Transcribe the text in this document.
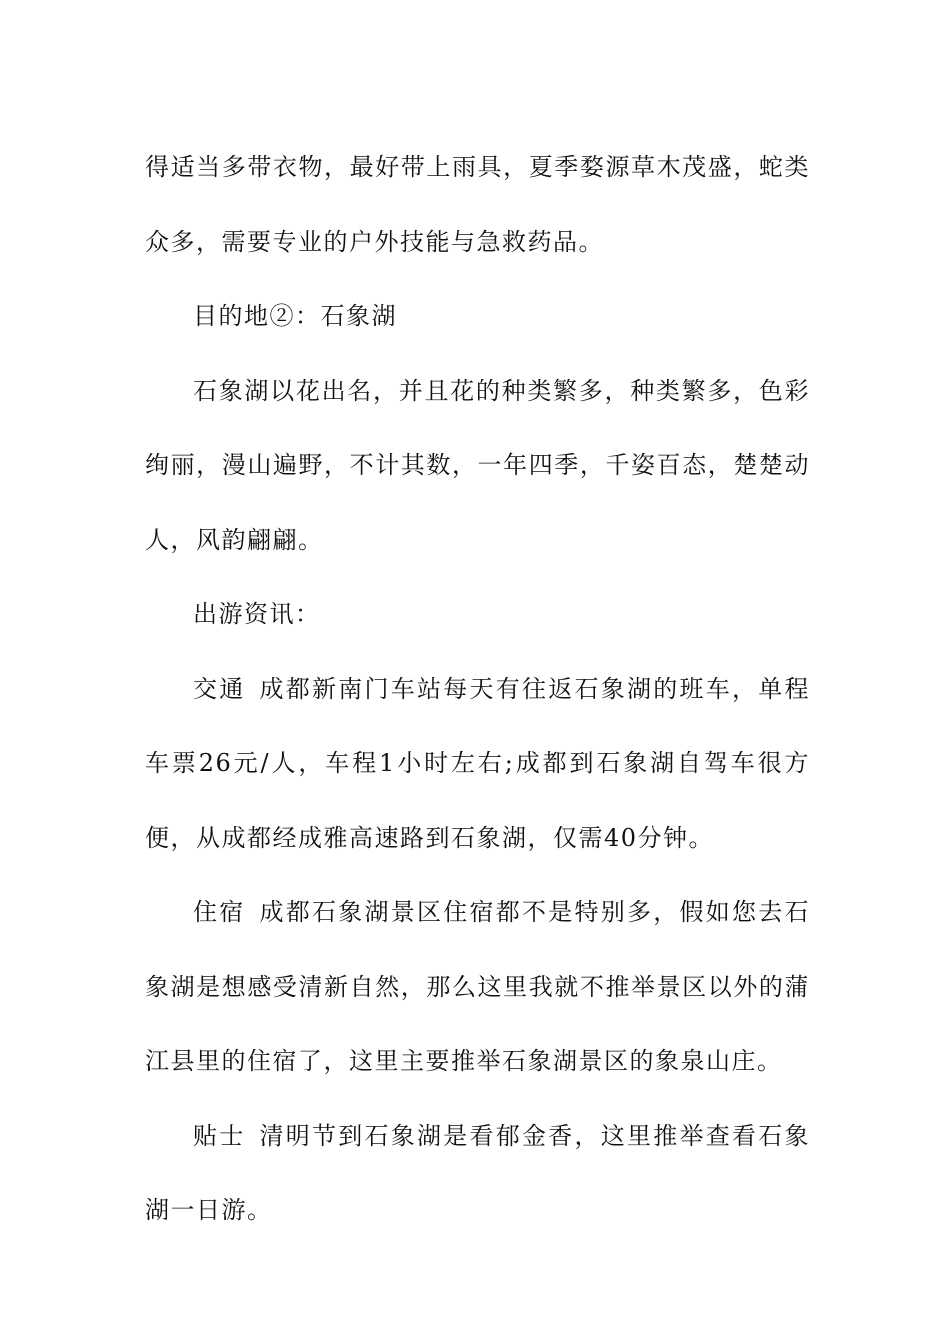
得适当多带衣物，最好带上雨具，夏季婺源草木茂盛，蛇类众多，需要专业的户外技能与急救药品。

目的地②：石象湖

石象湖以花出名，并且花的种类繁多，种类繁多，色彩绚丽，漫山遍野，不计其数，一年四季，千姿百态，楚楚动人，风韵翩翩。

出游资讯：

交通 成都新南门车站每天有往返石象湖的班车，单程车票26元/人，车程1小时左右;成都到石象湖自驾车很方便，从成都经成雅高速路到石象湖，仅需40分钟。

住宿 成都石象湖景区住宿都不是特别多，假如您去石象湖是想感受清新自然，那么这里我就不推举景区以外的蒲江县里的住宿了，这里主要推举石象湖景区的象泉山庄。

贴士 清明节到石象湖是看郁金香，这里推举查看石象湖一日游。
